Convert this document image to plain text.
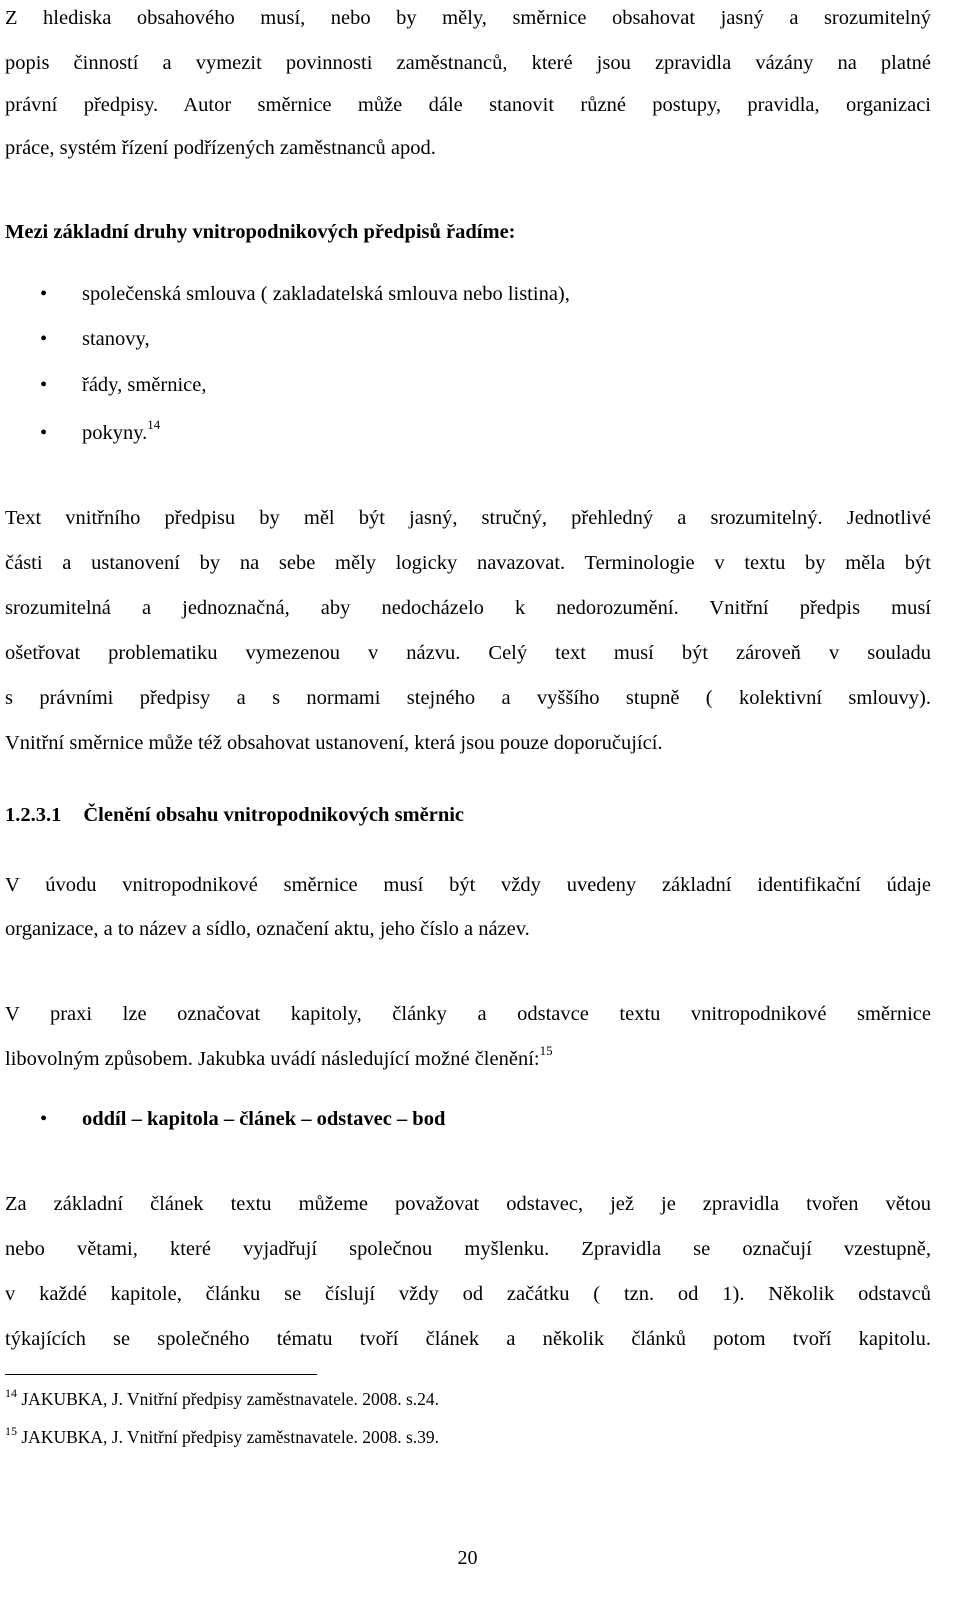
Z hlediska obsahového musí, nebo by měly, směrnice obsahovat jasný a srozumitelný
popis činností a vymezit povinnosti zaměstnanců, které jsou zpravidla vázány na platné
právní předpisy. Autor směrnice může dále stanovit různé postupy, pravidla, organizaci
práce, systém řízení podřízených zaměstnanců apod.
Mezi základní druhy vnitropodnikových předpisů řadíme:
• společenská smlouva ( zakladatelská smlouva nebo listina),
• stanovy,
• řády, směrnice,
• pokyny.$^{14}$
Text vnitřního předpisu by měl být jasný, stručný, přehledný a srozumitelný. Jednotlivé
části a ustanovení by na sebe měly logicky navazovat. Terminologie v textu by měla být
srozumitelná a jednoznačná, aby nedocházelo k nedorozumění. Vnitřní předpis musí
ošetřovat problematiku vymezenou v názvu. Celý text musí být zároveň v souladu
s právními předpisy a s normami stejného a vyššího stupně ( kolektivní smlouvy).
Vnitřní směrnice může též obsahovat ustanovení, která jsou pouze doporučující.
1.2.3.1 Členění obsahu vnitropodnikových směrnic
V úvodu vnitropodnikové směrnice musí být vždy uvedeny základní identifikační údaje
organizace, a to název a sídlo, označení aktu, jeho číslo a název.
V praxi lze označovat kapitoly, články a odstavce textu vnitropodnikové směrnice
libovolným způsobem. Jakubka uvádí následující možné členění:$^{15}$
• oddíl – kapitola – článek – odstavec – bod
Za základní článek textu můžeme považovat odstavec, jež je zpravidla tvořen větou
nebo větami, které vyjadřují společnou myšlenku. Zpravidla se označují vzestupně,
v každé kapitole, článku se číslují vždy od začátku ( tzn. od 1). Několik odstavců
týkajících se společného tématu tvoří článek a několik článků potom tvoří kapitolu.
$^{14}$ JAKUBKA, J. Vnitřní předpisy zaměstnavatele. 2008. s.24.
$^{15}$ JAKUBKA, J. Vnitřní předpisy zaměstnavatele. 2008. s.39.
20
